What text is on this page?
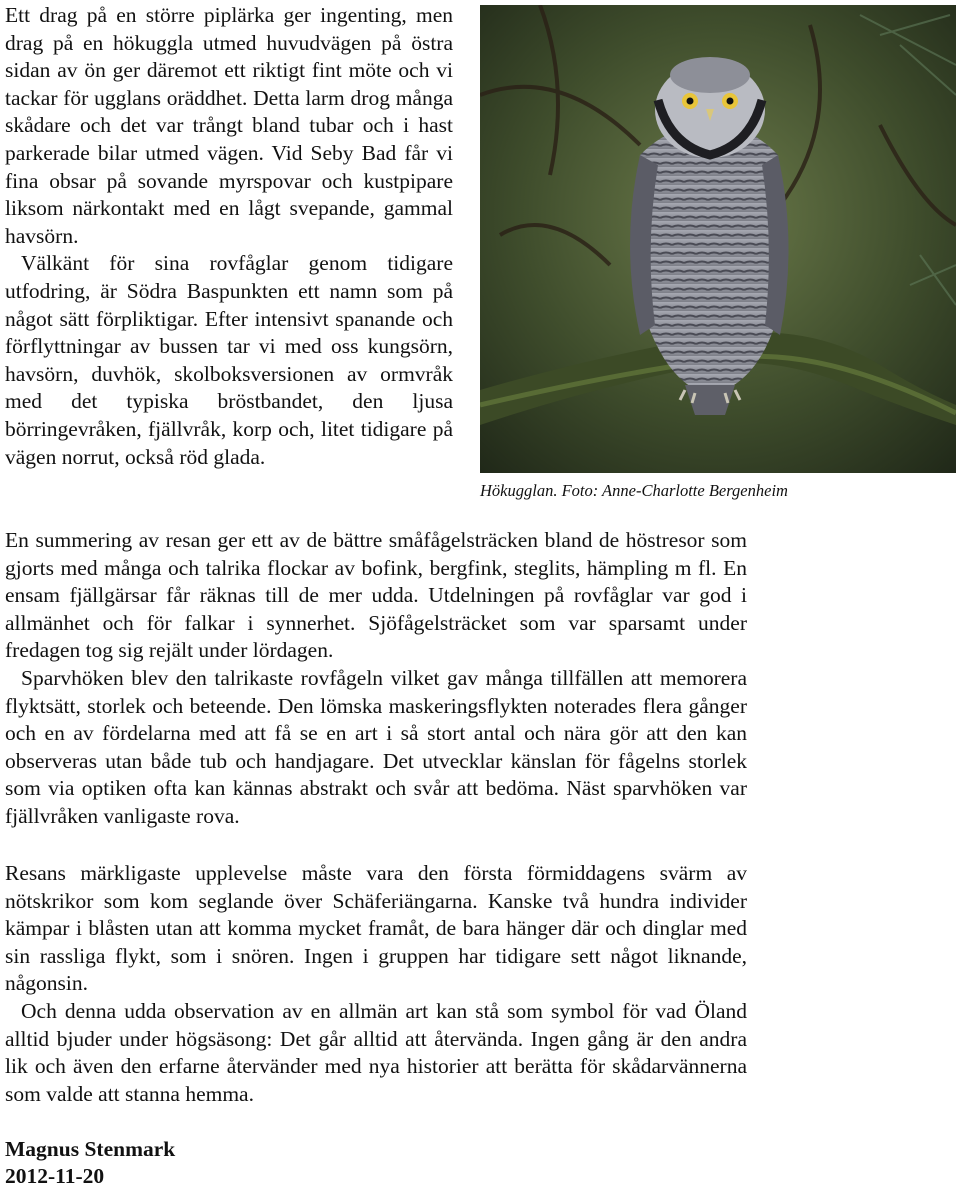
Ett drag på en större piplärka ger ingenting, men drag på en hökuggla utmed huvudvägen på östra sidan av ön ger däremot ett riktigt fint möte och vi tackar för ugglans oräddhet. Detta larm drog många skådare och det var trångt bland tubar och i hast parkerade bilar utmed vägen. Vid Seby Bad får vi fina obsar på sovande myrspovar och kustpipare liksom närkontakt med en lågt svepande, gammal havsörn.

Välkänt för sina rovfåglar genom tidigare utfodring, är Södra Baspunkten ett namn som på något sätt förpliktigar. Efter intensivt spanande och förflyttningar av bussen tar vi med oss kungsörn, havsörn, duvhök, skolboksversionen av ormvråk med det typiska bröstbandet, den ljusa börringevråken, fjällvråk, korp och, litet tidigare på vägen norrut, också röd glada.

Hökugglan. Foto: Anne-Charlotte Bergenheim

En summering av resan ger ett av de bättre småfågelsträcken bland de höstresor som gjorts med många och talrika flockar av bofink, bergfink, steglits, hämpling m fl. En ensam fjällgärsar får räknas till de mer udda. Utdelningen på rovfåglar var god i allmänhet och för falkar i synnerhet. Sjöfågelsträcket som var sparsamt under fredagen tog sig rejält under lördagen.

Sparvhöken blev den talrikaste rovfågeln vilket gav många tillfällen att memorera flyktsätt, storlek och beteende. Den lömska maskeringsflykten noterades flera gånger och en av fördelarna med att få se en art i så stort antal och nära gör att den kan observeras utan både tub och handjagare. Det utvecklar känslan för fågelns storlek som via optiken ofta kan kännas abstrakt och svår att bedöma. Näst sparvhöken var fjällvråken vanligaste rova.

Resans märkligaste upplevelse måste vara den första förmiddagens svärm av nötskrikor som kom seglande över Schäferiängarna. Kanske två hundra individer kämpar i blåsten utan att komma mycket framåt, de bara hänger där och dinglar med sin rassliga flykt, som i snören. Ingen i gruppen har tidigare sett något liknande, någonsin.

Och denna udda observation av en allmän art kan stå som symbol för vad Öland alltid bjuder under högsäsong: Det går alltid att återvända. Ingen gång är den andra lik och även den erfarne återvänder med nya historier att berätta för skådarvännerna som valde att stanna hemma.

Magnus Stenmark
2012-11-20
